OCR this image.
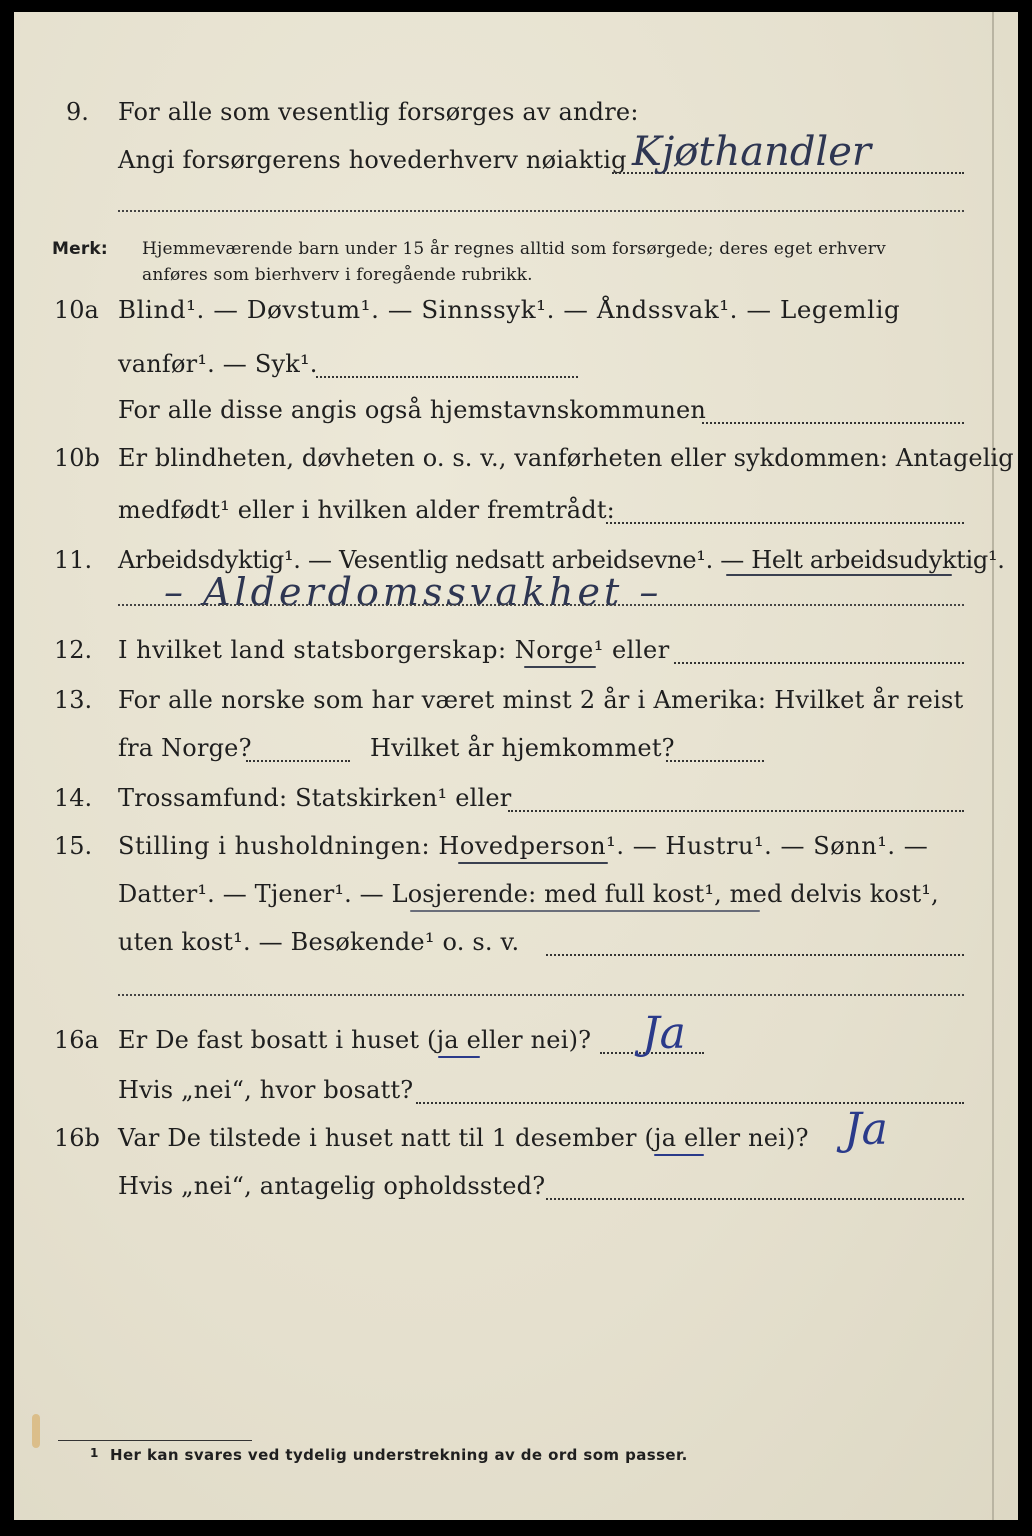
9. For alle som vesentlig forsørges av andre:
Angi forsørgerens hovederhverv nøiaktig Kjøthandler
Merk: Hjemmeværende barn under 15 år regnes alltid som forsørgede; deres eget erhverv
anføres som bierhverv i foregående rubrikk.
10a Blind¹. — Døvstum¹. — Sinnssyk¹. — Åndssvak¹. — Legemlig
vanfør¹. — Syk¹.
For alle disse angis også hjemstavnskommunen
10b Er blindheten, døvheten o. s. v., vanførheten eller sykdommen: Antagelig
medfødt¹ eller i hvilken alder fremtrådt:
11. Arbeidsdyktig¹. — Vesentlig nedsatt arbeidsevne¹. — Helt arbeidsudyktig¹.
– Alderdomssvakhet –
12. I hvilket land statsborgerskap: Norge¹ eller
13. For alle norske som har været minst 2 år i Amerika: Hvilket år reist
fra Norge?	Hvilket år hjemkommet?
14. Trossamfund: Statskirken¹ eller
15. Stilling i husholdningen: Hovedperson¹. — Hustru¹. — Sønn¹. —
Datter¹. — Tjener¹. — Losjerende: med full kost¹, med delvis kost¹,
uten kost¹. — Besøkende¹ o. s. v.
16a Er De fast bosatt i huset (ja eller nei)? Ja
Hvis „nei“, hvor bosatt?
16b Var De tilstede i huset natt til 1 desember (ja eller nei)? Ja
Hvis „nei“, antagelig opholdssted?
1 Her kan svares ved tydelig understrekning av de ord som passer.
